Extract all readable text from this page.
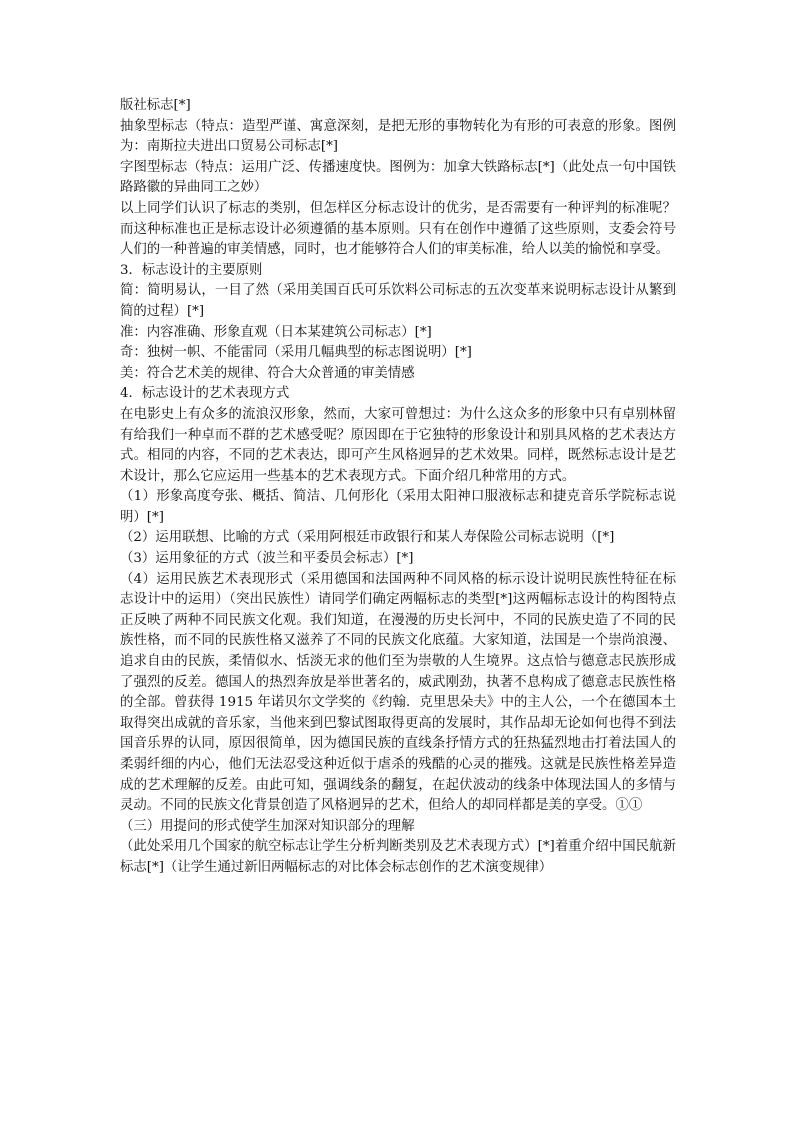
版社标志[*]

抽象型标志（特点：造型严谨、寓意深刻，是把无形的事物转化为有形的可表意的形象。图例为：南斯拉夫进出口贸易公司标志[*]

字图型标志（特点：运用广泛、传播速度快。图例为：加拿大铁路标志[*]（此处点一句中国铁路路徽的异曲同工之妙）

以上同学们认识了标志的类别，但怎样区分标志设计的优劣，是否需要有一种评判的标准呢？而这种标准也正是标志设计必须遵循的基本原则。只有在创作中遵循了这些原则，支委会符号人们的一种普遍的审美情感，同时，也才能够符合人们的审美标准，给人以美的愉悦和享受。

3．标志设计的主要原则

简：简明易认，一目了然（采用美国百氏可乐饮料公司标志的五次变革来说明标志设计从繁到简的过程）[*]

准：内容准确、形象直观（日本某建筑公司标志）[*]

奇：独树一帜、不能雷同（采用几幅典型的标志图说明）[*]

美：符合艺术美的规律、符合大众普通的审美情感

4．标志设计的艺术表现方式

在电影史上有众多的流浪汉形象，然而，大家可曾想过：为什么这众多的形象中只有卓别林留有给我们一种卓而不群的艺术感受呢？原因即在于它独特的形象设计和别具风格的艺术表达方式。相同的内容，不同的艺术表达，即可产生风格迥异的艺术效果。同样，既然标志设计是艺术设计，那么它应运用一些基本的艺术表现方式。下面介绍几种常用的方式。

（1）形象高度夸张、概括、简洁、几何形化（采用太阳神口服液标志和捷克音乐学院标志说明）[*]

（2）运用联想、比喻的方式（采用阿根廷市政银行和某人寿保险公司标志说明（[*]

（3）运用象征的方式（波兰和平委员会标志）[*]

（4）运用民族艺术表现形式（采用德国和法国两种不同风格的标示设计说明民族性特征在标志设计中的运用）（突出民族性）请同学们确定两幅标志的类型[*]这两幅标志设计的构图特点正反映了两种不同民族文化观。我们知道，在漫漫的历史长河中，不同的民族史造了不同的民族性格，而不同的民族性格又滋养了不同的民族文化底蕴。大家知道，法国是一个崇尚浪漫、追求自由的民族，柔情似水、恬淡无求的他们至为崇敬的人生境界。这点恰与德意志民族形成了强烈的反差。德国人的热烈奔放是举世著名的，威武刚劲，执著不息构成了德意志民族性格的全部。曾获得 1915 年诺贝尔文学奖的《约翰．克里思朵夫》中的主人公，一个在德国本土取得突出成就的音乐家，当他来到巴黎试图取得更高的发展时，其作品却无论如何也得不到法国音乐界的认同，原因很简单，因为德国民族的直线条抒情方式的狂热猛烈地击打着法国人的柔弱纤细的内心，他们无法忍受这种近似于虐杀的残酷的心灵的摧残。这就是民族性格差异造成的艺术理解的反差。由此可知，强调线条的翻复，在起伏波动的线条中体现法国人的多情与灵动。不同的民族文化背景创造了风格迥异的艺术，但给人的却同样都是美的享受。①①

（三）用提问的形式使学生加深对知识部分的理解

（此处采用几个国家的航空标志让学生分析判断类别及艺术表现方式）[*]着重介绍中国民航新标志[*]（让学生通过新旧两幅标志的对比体会标志创作的艺术演变规律）
